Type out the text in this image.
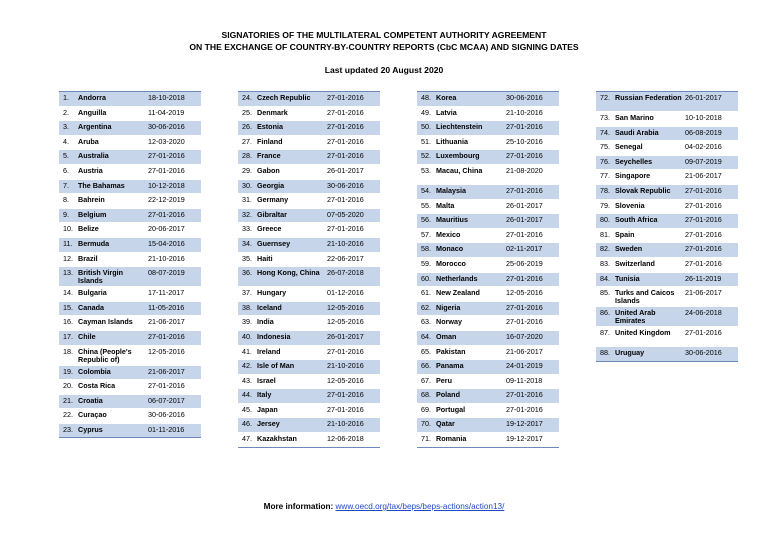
SIGNATORIES OF THE MULTILATERAL COMPETENT AUTHORITY AGREEMENT
ON THE EXCHANGE OF COUNTRY-BY-COUNTRY REPORTS (CbC MCAA) AND SIGNING DATES
Last updated 20 August 2020
1.	Andorra	18-10-2018
2.	Anguilla	11-04-2019
3.	Argentina	30-06-2016
4.	Aruba	12-03-2020
5.	Australia	27-01-2016
6.	Austria	27-01-2016
7.	The Bahamas	10-12-2018
8.	Bahrein	22-12-2019
9.	Belgium	27-01-2016
10. Belize	20-06-2017
11. Bermuda	15-04-2016
12. Brazil	21-10-2016
13. British Virgin Islands
08-07-2019
14. Bulgaria	17-11-2017
15. Canada	11-05-2016
16. Cayman Islands	21-06-2017
17. Chile	27-01-2016
18. China (People's Republic of)
12-05-2016
19. Colombia	21-06-2017
20. Costa Rica	27-01-2016
21. Croatia	06-07-2017
22. Curaçao	30-06-2016
23. Cyprus	01-11-2016
24. Czech Republic	27-01-2016
25. Denmark	27-01-2016
26. Estonia	27-01-2016
27. Finland	27-01-2016
28. France	27-01-2016
29. Gabon	26-01-2017
30. Georgia	30-06-2016
31. Germany	27-01-2016
32. Gibraltar	07-05-2020
33. Greece	27-01-2016
34. Guernsey	21-10-2016
35. Haiti	22-06-2017
36. Hong Kong, China	26-07-2018
37. Hungary	01-12-2016
38. Iceland	12-05-2016
39. India	12-05-2016
40. Indonesia	26-01-2017
41. Ireland	27-01-2016
42. Isle of Man	21-10-2016
43. Israel	12-05-2016
44. Italy	27-01-2016
45. Japan	27-01-2016
46. Jersey	21-10-2016
47. Kazakhstan	12-06-2018
48. Korea	30-06-2016
49. Latvia	21-10-2016
50. Liechtenstein	27-01-2016
51. Lithuania	25-10-2016
52. Luxembourg	27-01-2016
53. Macau, China	21-08-2020
54. Malaysia	27-01-2016
55. Malta	26-01-2017
56. Mauritius	26-01-2017
57. Mexico	27-01-2016
58. Monaco	02-11-2017
59. Morocco	25-06-2019
60. Netherlands	27-01-2016
61. New Zealand	12-05-2016
62. Nigeria	27-01-2016
63. Norway	27-01-2016
64. Oman	16-07-2020
65. Pakistan	21-06-2017
66. Panama	24-01-2019
67. Peru	09-11-2018
68. Poland	27-01-2016
69. Portugal	27-01-2016
70. Qatar	19-12-2017
71. Romania	19-12-2017
72. Russian Federation 26-01-2017
73. San Marino	10-10-2018
74. Saudi Arabia	06-08-2019
75. Senegal	04-02-2016
76. Seychelles	09-07-2019
77. Singapore	21-06-2017
78. Slovak Republic	27-01-2016
79. Slovenia	27-01-2016
80. South Africa	27-01-2016
81. Spain	27-01-2016
82. Sweden	27-01-2016
83. Switzerland	27-01-2016
84. Tunisia	26-11-2019
85. Turks and Caicos Islands
21-06-2017
86. United Arab Emirates
24-06-2018
87. United Kingdom	27-01-2016
88. Uruguay	30-06-2016
More information: www.oecd.org/tax/beps/beps-actions/action13/
